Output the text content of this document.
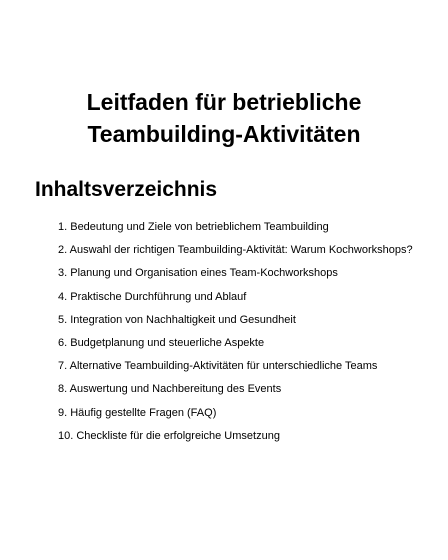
Leitfaden für betriebliche
Teambuilding-Aktivitäten
Inhaltsverzeichnis
1. Bedeutung und Ziele von betrieblichem Teambuilding
2. Auswahl der richtigen Teambuilding-Aktivität: Warum Kochworkshops?
3. Planung und Organisation eines Team-Kochworkshops
4. Praktische Durchführung und Ablauf
5. Integration von Nachhaltigkeit und Gesundheit
6. Budgetplanung und steuerliche Aspekte
7. Alternative Teambuilding-Aktivitäten für unterschiedliche Teams
8. Auswertung und Nachbereitung des Events
9. Häufig gestellte Fragen (FAQ)
10. Checkliste für die erfolgreiche Umsetzung
